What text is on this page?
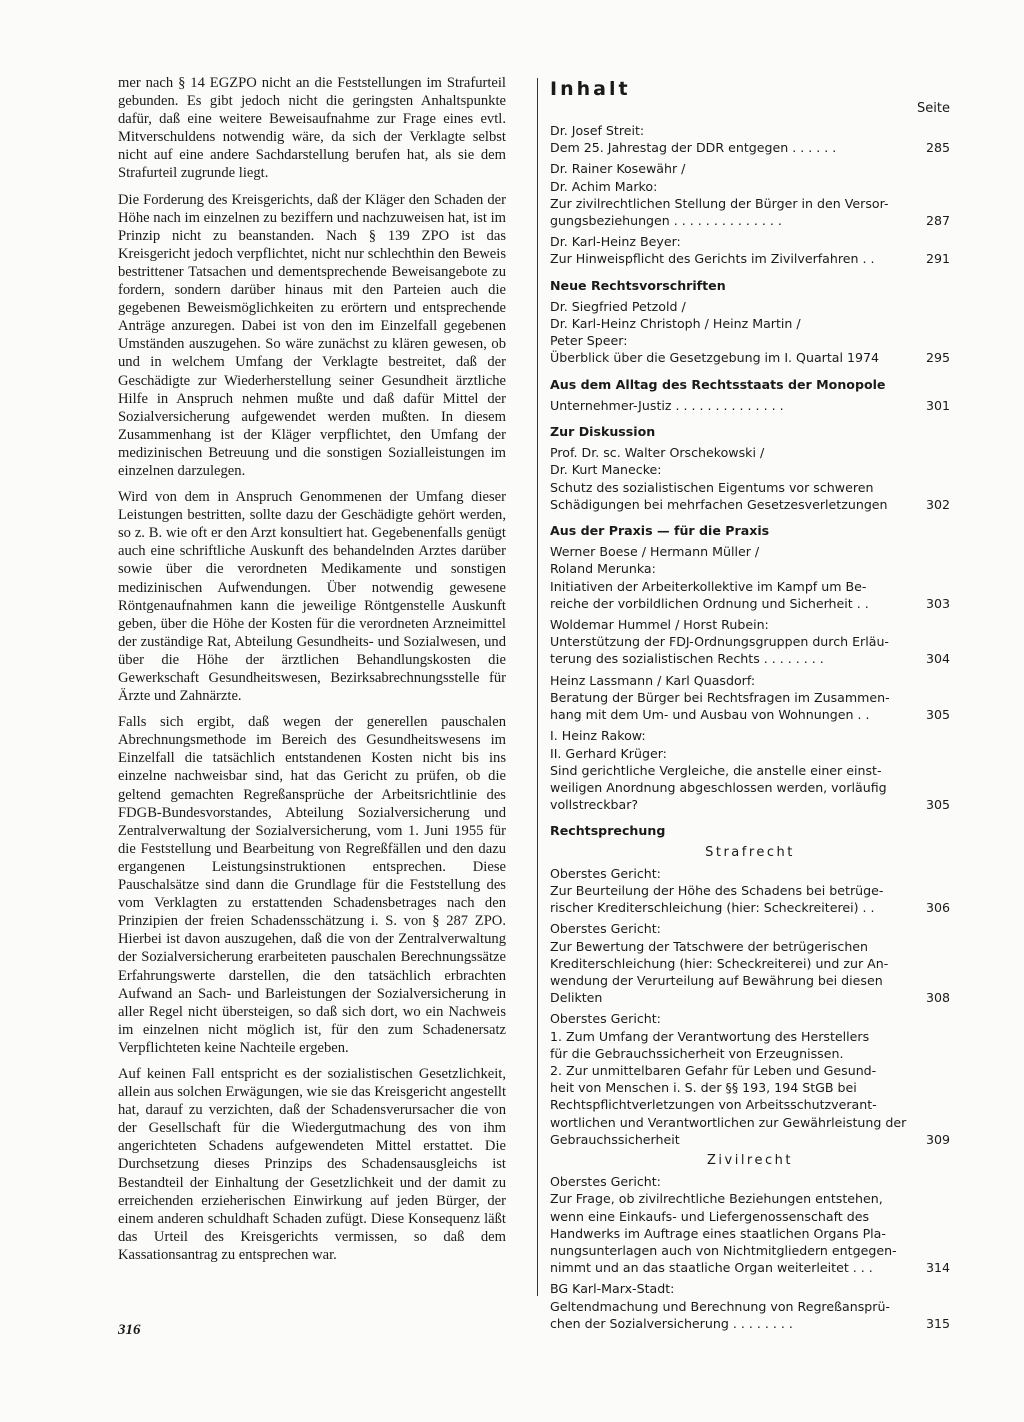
mer nach § 14 EGZPO nicht an die Feststellungen im Strafurteil gebunden. Es gibt jedoch nicht die geringsten Anhaltspunkte dafür, daß eine weitere Beweisaufnahme zur Frage eines evtl. Mitverschuldens notwendig wäre, da sich der Verklagte selbst nicht auf eine andere Sachdarstellung berufen hat, als sie dem Strafurteil zugrunde liegt.

Die Forderung des Kreisgerichts, daß der Kläger den Schaden der Höhe nach im einzelnen zu beziffern und nachzuweisen hat, ist im Prinzip nicht zu beanstanden. Nach § 139 ZPO ist das Kreisgericht jedoch verpflichtet, nicht nur schlechthin den Beweis bestrittener Tatsachen und dementsprechende Beweisangebote zu fordern, sondern darüber hinaus mit den Parteien auch die gegebenen Beweismöglichkeiten zu erörtern und entsprechende Anträge anzuregen. Dabei ist von den im Einzelfall gegebenen Umständen auszugehen. So wäre zunächst zu klären gewesen, ob und in welchem Umfang der Verklagte bestreitet, daß der Geschädigte zur Wiederherstellung seiner Gesundheit ärztliche Hilfe in Anspruch nehmen mußte und daß dafür Mittel der Sozialversicherung aufgewendet werden mußten. In diesem Zusammenhang ist der Kläger verpflichtet, den Umfang der medizinischen Betreuung und die sonstigen Sozialleistungen im einzelnen darzulegen.

Wird von dem in Anspruch Genommenen der Umfang dieser Leistungen bestritten, sollte dazu der Geschädigte gehört werden, so z. B. wie oft er den Arzt konsultiert hat. Gegebenenfalls genügt auch eine schriftliche Auskunft des behandelnden Arztes darüber sowie über die verordneten Medikamente und sonstigen medizinischen Aufwendungen. Über notwendig gewesene Röntgenaufnahmen kann die jeweilige Röntgenstelle Auskunft geben, über die Höhe der Kosten für die verordneten Arzneimittel der zuständige Rat, Abteilung Gesundheits- und Sozialwesen, und über die Höhe der ärztlichen Behandlungskosten die Gewerkschaft Gesundheitswesen, Bezirksabrechnungsstelle für Ärzte und Zahnärzte.

Falls sich ergibt, daß wegen der generellen pauschalen Abrechnungsmethode im Bereich des Gesundheitswesens im Einzelfall die tatsächlich entstandenen Kosten nicht bis ins einzelne nachweisbar sind, hat das Gericht zu prüfen, ob die geltend gemachten Regreßansprüche der Arbeitsrichtlinie des FDGB-Bundesvorstandes, Abteilung Sozialversicherung und Zentralverwaltung der Sozialversicherung, vom 1. Juni 1955 für die Feststellung und Bearbeitung von Regreßfällen und den dazu ergangenen Leistungsinstruktionen entsprechen. Diese Pauschalsätze sind dann die Grundlage für die Feststellung des vom Verklagten zu erstattenden Schadensbetrages nach den Prinzipien der freien Schadensschätzung i. S. von § 287 ZPO. Hierbei ist davon auszugehen, daß die von der Zentralverwaltung der Sozialversicherung erarbeiteten pauschalen Berechnungssätze Erfahrungswerte darstellen, die den tatsächlich erbrachten Aufwand an Sach- und Barleistungen der Sozialversicherung in aller Regel nicht übersteigen, so daß sich dort, wo ein Nachweis im einzelnen nicht möglich ist, für den zum Schadenersatz Verpflichteten keine Nachteile ergeben.

Auf keinen Fall entspricht es der sozialistischen Gesetzlichkeit, allein aus solchen Erwägungen, wie sie das Kreisgericht angestellt hat, darauf zu verzichten, daß der Schadensverursacher die von der Gesellschaft für die Wiedergutmachung des von ihm angerichteten Schadens aufgewendeten Mittel erstattet. Die Durchsetzung dieses Prinzips des Schadensausgleichs ist Bestandteil der Einhaltung der Gesetzlichkeit und der damit zu erreichenden erzieherischen Einwirkung auf jeden Bürger, der einem anderen schuldhaft Schaden zufügt. Diese Konsequenz läßt das Urteil des Kreisgerichts vermissen, so daß dem Kassationsantrag zu entsprechen war.

316
Inhalt
Seite
Dr. Josef Streit:
Dem 25. Jahrestag der DDR entgegen . . . . . .	285
Dr. Rainer Kosewähr /
Dr. Achim Marko:
Zur zivilrechtlichen Stellung der Bürger in den Versor-
gungsbeziehungen . . . . . . . . . . . . . .	287
Dr. Karl-Heinz Beyer:
Zur Hinweispflicht des Gerichts im Zivilverfahren . .	291
Neue Rechtsvorschriften
Dr. Siegfried Petzold /
Dr. Karl-Heinz Christoph / Heinz Martin /
Peter Speer:
Überblick über die Gesetzgebung im I. Quartal 1974	295
Aus dem Alltag des Rechtsstaats der Monopole
Unternehmer-Justiz . . . . . . . . . . . . . .	301
Zur Diskussion
Prof. Dr. sc. Walter Orschekowski /
Dr. Kurt Manecke:
Schutz des sozialistischen Eigentums vor schweren
Schädigungen bei mehrfachen Gesetzesverletzungen	302
Aus der Praxis — für die Praxis
Werner Boese / Hermann Müller /
Roland Merunka:
Initiativen der Arbeiterkollektive im Kampf um Be-
reiche der vorbildlichen Ordnung und Sicherheit . .	303
Woldemar Hummel / Horst Rubein:
Unterstützung der FDJ-Ordnungsgruppen durch Erläu-
terung des sozialistischen Rechts . . . . . . . .	304
Heinz Lassmann / Karl Quasdorf:
Beratung der Bürger bei Rechtsfragen im Zusammen-
hang mit dem Um- und Ausbau von Wohnungen . .	305
I. Heinz Rakow:
II. Gerhard Krüger:
Sind gerichtliche Vergleiche, die anstelle einer einst-
weiligen Anordnung abgeschlossen werden, vorläufig
vollstreckbar?	305
Rechtsprechung
Strafrecht
Oberstes Gericht:
Zur Beurteilung der Höhe des Schadens bei betrüge-
rischer Krediterschleichung (hier: Scheckreiterei) . .	306
Oberstes Gericht:
Zur Bewertung der Tatschwere der betrügerischen
Krediterschleichung (hier: Scheckreiterei) und zur An-
wendung der Verurteilung auf Bewährung bei diesen
Delikten	308
Oberstes Gericht:
1. Zum Umfang der Verantwortung des Herstellers
für die Gebrauchssicherheit von Erzeugnissen.
2. Zur unmittelbaren Gefahr für Leben und Gesund-
heit von Menschen i. S. der §§ 193, 194 StGB bei
Rechtspflichtverletzungen von Arbeitsschutzverant-
wortlichen und Verantwortlichen zur Gewährleistung der
Gebrauchssicherheit	309
Zivilrecht
Oberstes Gericht:
Zur Frage, ob zivilrechtliche Beziehungen entstehen,
wenn eine Einkaufs- und Liefergenossenschaft des
Handwerks im Auftrage eines staatlichen Organs Pla-
nungsunterlagen auch von Nichtmitgliedern entgegen-
nimmt und an das staatliche Organ weiterleitet . . .	314
BG Karl-Marx-Stadt:
Geltendmachung und Berechnung von Regreßansprü-
chen der Sozialversicherung . . . . . . . .	315
